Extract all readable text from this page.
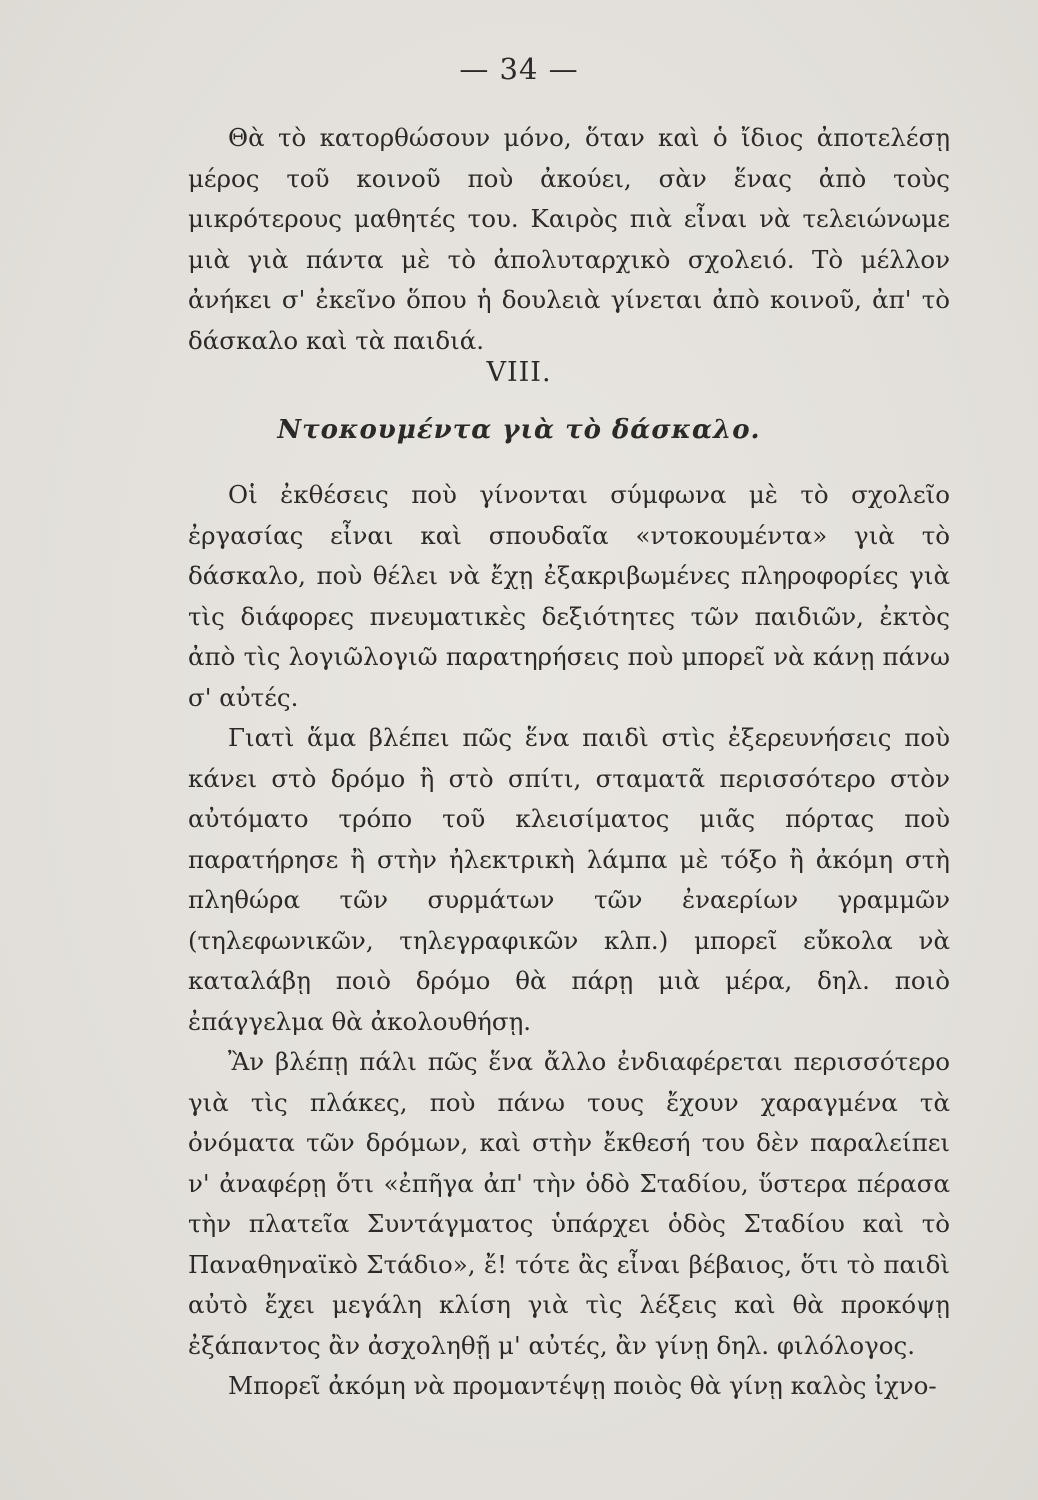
— 34 —

Θὰ τὸ κατορθώσουν μόνο, ὅταν καὶ ὁ ἴδιος ἀποτελέσῃ μέρος τοῦ κοινοῦ ποὺ ἀκούει, σὰν ἕνας ἀπὸ τοὺς μικρότερους μαθητές του. Καιρὸς πιὰ εἶναι νὰ τελειώνωμε μιὰ γιὰ πάντα μὲ τὸ ἀπολυταρχικὸ σχολειό. Τὸ μέλλον ἀνήκει σ' ἐκεῖνο ὅπου ἡ δουλειὰ γίνεται ἀπὸ κοινοῦ, ἀπ' τὸ δάσκαλο καὶ τὰ παιδιά.

VIII.
Ντοκουμέντα γιὰ τὸ δάσκαλο.

Οἱ ἐκθέσεις ποὺ γίνονται σύμφωνα μὲ τὸ σχολεῖο ἐργασίας εἶναι καὶ σπουδαῖα «ντοκουμέντα» γιὰ τὸ δάσκαλο, ποὺ θέλει νὰ ἔχῃ ἐξακριβωμένες πληροφορίες γιὰ τὶς διάφορες πνευματικὲς δεξιότητες τῶν παιδιῶν, ἐκτὸς ἀπὸ τὶς λογιῶλογιῶ παρατηρήσεις ποὺ μπορεῖ νὰ κάνῃ πάνω σ' αὐτές.

Γιατὶ ἅμα βλέπει πῶς ἕνα παιδὶ στὶς ἐξερευνήσεις ποὺ κάνει στὸ δρόμο ἢ στὸ σπίτι, σταματᾶ περισσότερο στὸν αὐτόματο τρόπο τοῦ κλεισίματος μιᾶς πόρτας ποὺ παρατήρησε ἢ στὴν ἠλεκτρικὴ λάμπα μὲ τόξο ἢ ἀκόμη στὴ πληθώρα τῶν συρμάτων τῶν ἐναερίων γραμμῶν (τηλεφωνικῶν, τηλεγραφικῶν κλπ.) μπορεῖ εὔκολα νὰ καταλάβῃ ποιὸ δρόμο θὰ πάρῃ μιὰ μέρα, δηλ. ποιὸ ἐπάγγελμα θὰ ἀκολουθήσῃ.

Ἂν βλέπῃ πάλι πῶς ἕνα ἄλλο ἐνδιαφέρεται περισσότερο γιὰ τὶς πλάκες, ποὺ πάνω τους ἔχουν χαραγμένα τὰ ὀνόματα τῶν δρόμων, καὶ στὴν ἔκθεσή του δὲν παραλείπει ν' ἀναφέρῃ ὅτι «ἐπῆγα ἀπ' τὴν ὁδὸ Σταδίου, ὕστερα πέρασα τὴν πλατεῖα Συντάγματος ὑπάρχει ὁδὸς Σταδίου καὶ τὸ Παναθηναϊκὸ Στάδιο», ἔ! τότε ἂς εἶναι βέβαιος, ὅτι τὸ παιδὶ αὐτὸ ἔχει μεγάλη κλίση γιὰ τὶς λέξεις καὶ θὰ προκόψῃ ἐξάπαντος ἂν ἀσχοληθῇ μ' αὐτές, ἂν γίνῃ δηλ. φιλόλογος.

Μπορεῖ ἀκόμη νὰ προμαντέψῃ ποιὸς θὰ γίνῃ καλὸς ἰχνο-
